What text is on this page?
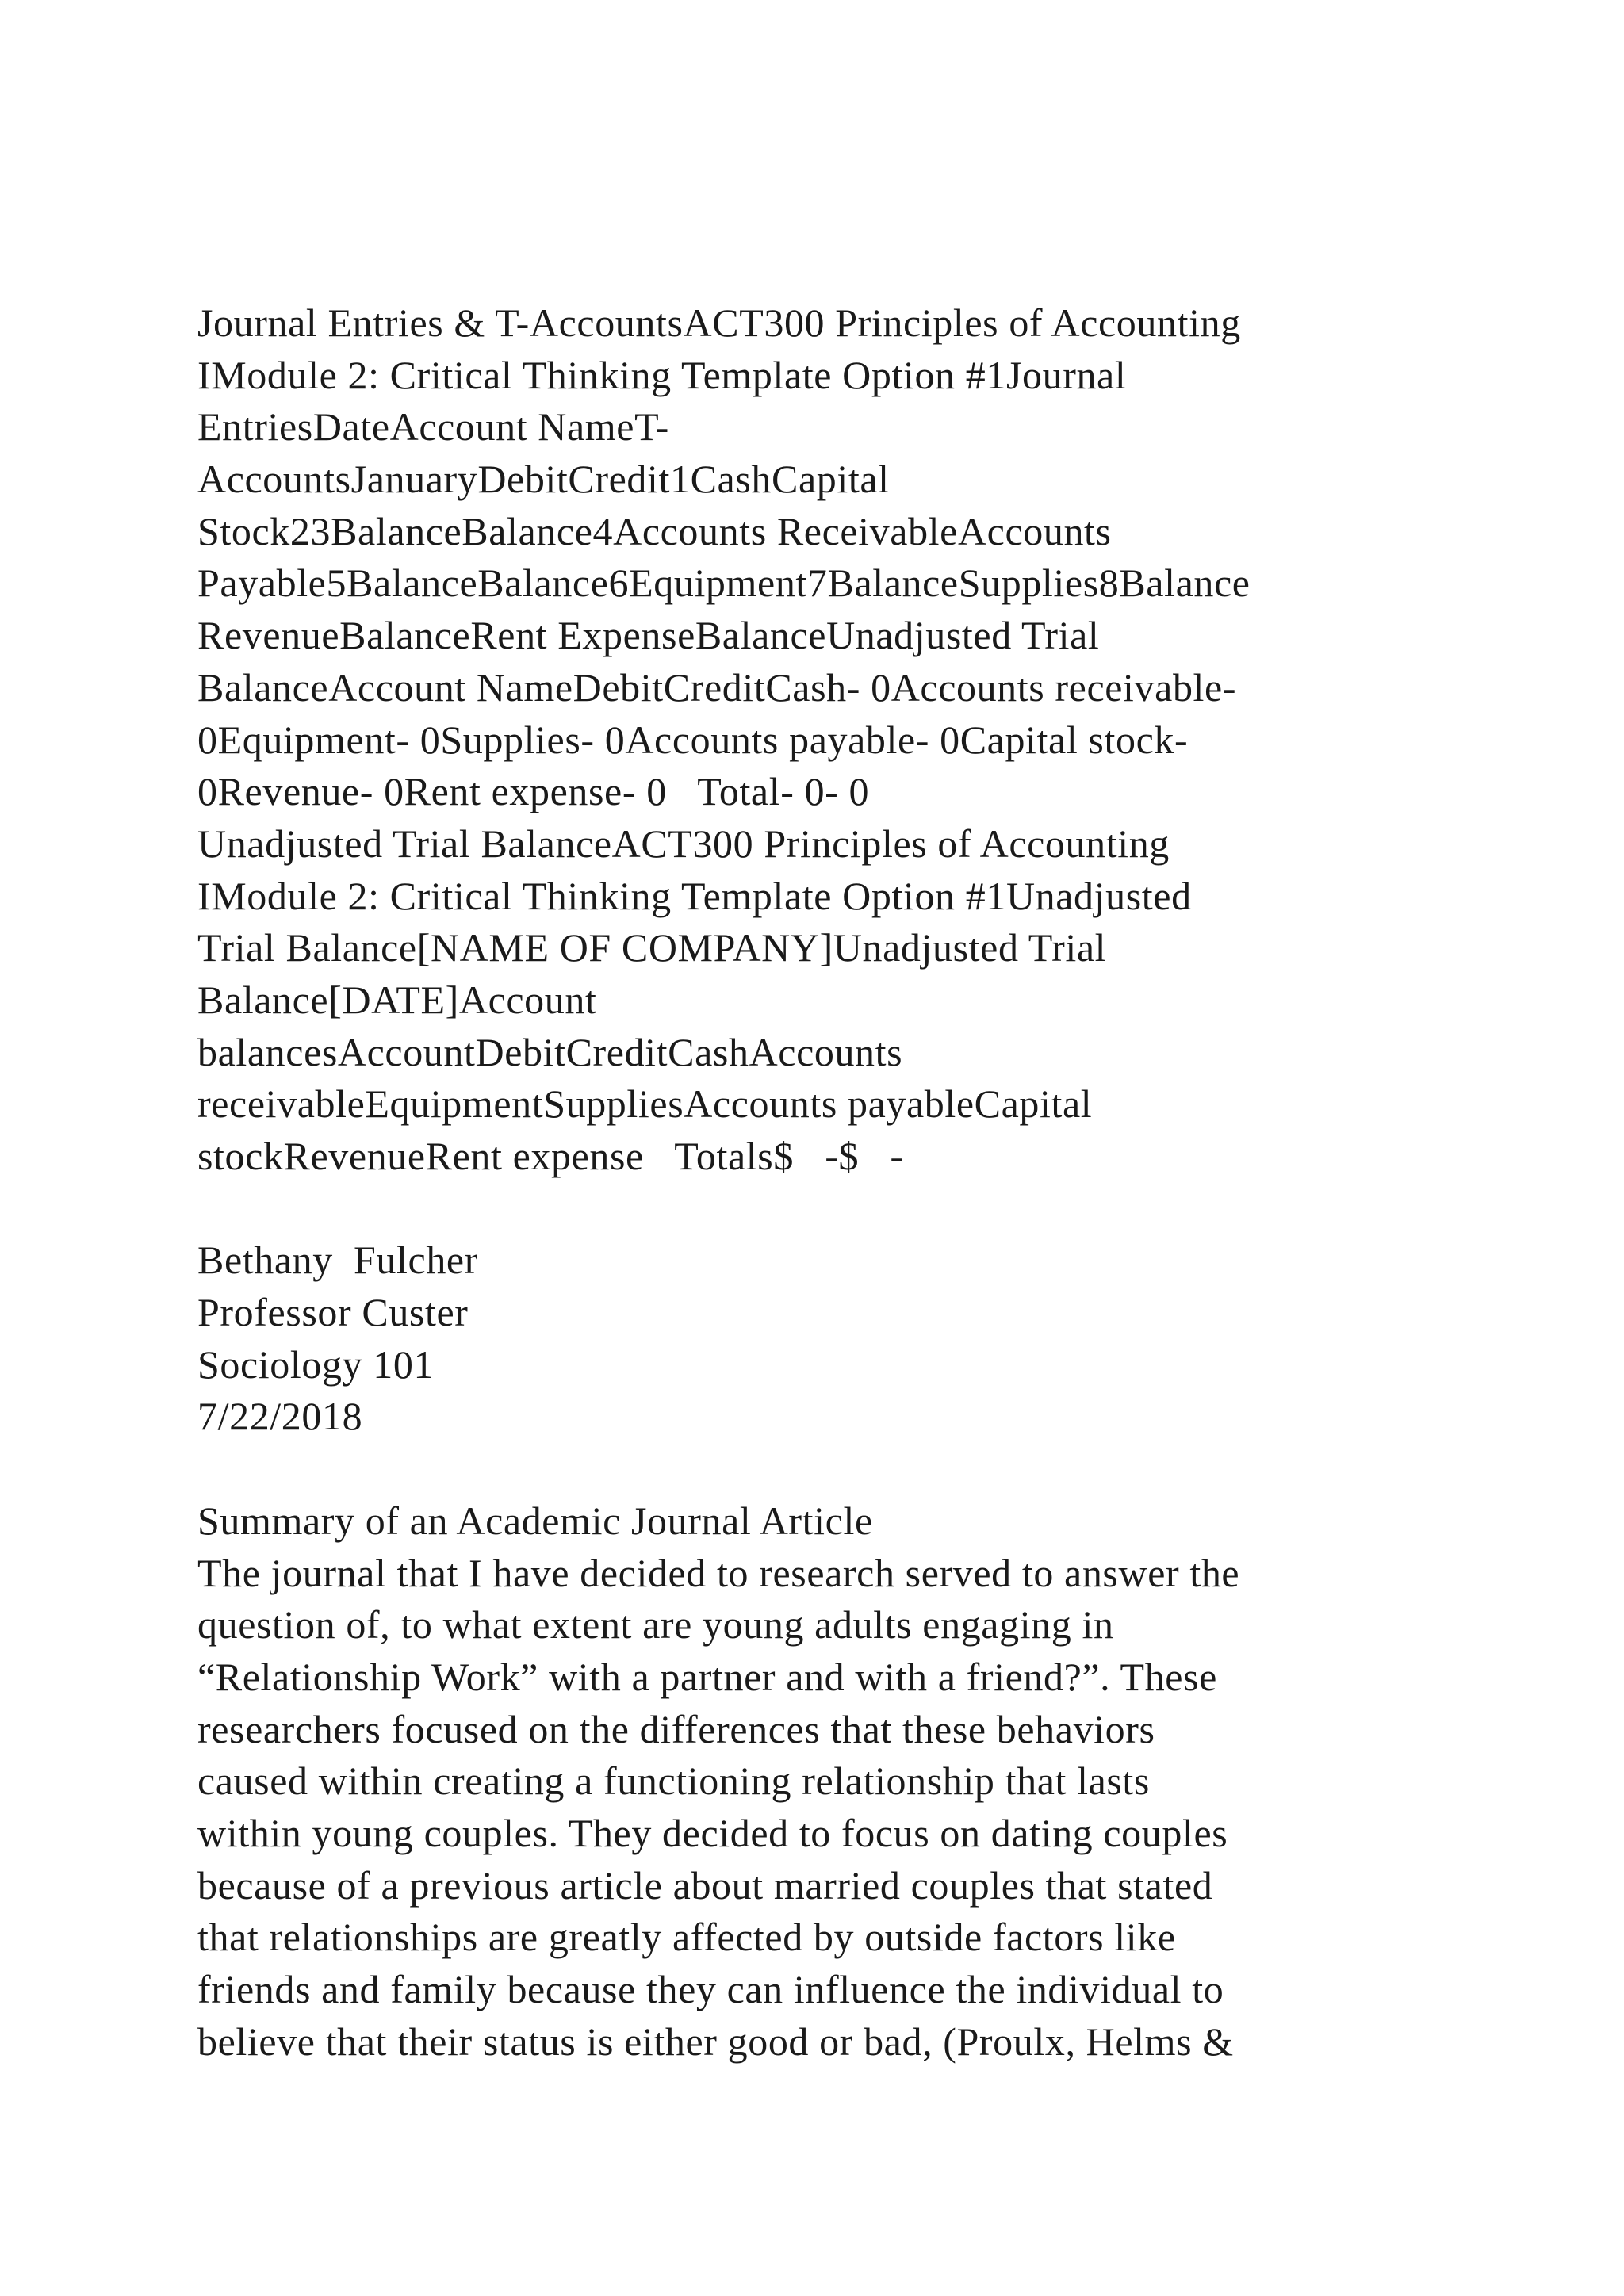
Journal Entries & T-AccountsACT300 Principles of Accounting
IModule 2: Critical Thinking Template Option #1Journal
EntriesDateAccount NameT-
AccountsJanuaryDebitCredit1CashCapital
Stock23BalanceBalance4Accounts ReceivableAccounts
Payable5BalanceBalance6Equipment7BalanceSupplies8Balance
RevenueBalanceRent ExpenseBalanceUnadjusted Trial
BalanceAccount NameDebitCreditCash- 0Accounts receivable-
0Equipment- 0Supplies- 0Accounts payable- 0Capital stock-
0Revenue- 0Rent expense- 0   Total- 0- 0
Unadjusted Trial BalanceACT300 Principles of Accounting
IModule 2: Critical Thinking Template Option #1Unadjusted
Trial Balance[NAME OF COMPANY]Unadjusted Trial
Balance[DATE]Account
balancesAccountDebitCreditCashAccounts
receivableEquipmentSuppliesAccounts payableCapital
stockRevenueRent expense   Totals$   -$   -
Bethany  Fulcher
Professor Custer
Sociology 101
7/22/2018
Summary of an Academic Journal Article
The journal that I have decided to research served to answer the
question of, to what extent are young adults engaging in
“Relationship Work” with a partner and with a friend?”. These
researchers focused on the differences that these behaviors
caused within creating a functioning relationship that lasts
within young couples. They decided to focus on dating couples
because of a previous article about married couples that stated
that relationships are greatly affected by outside factors like
friends and family because they can influence the individual to
believe that their status is either good or bad, (Proulx, Helms &
